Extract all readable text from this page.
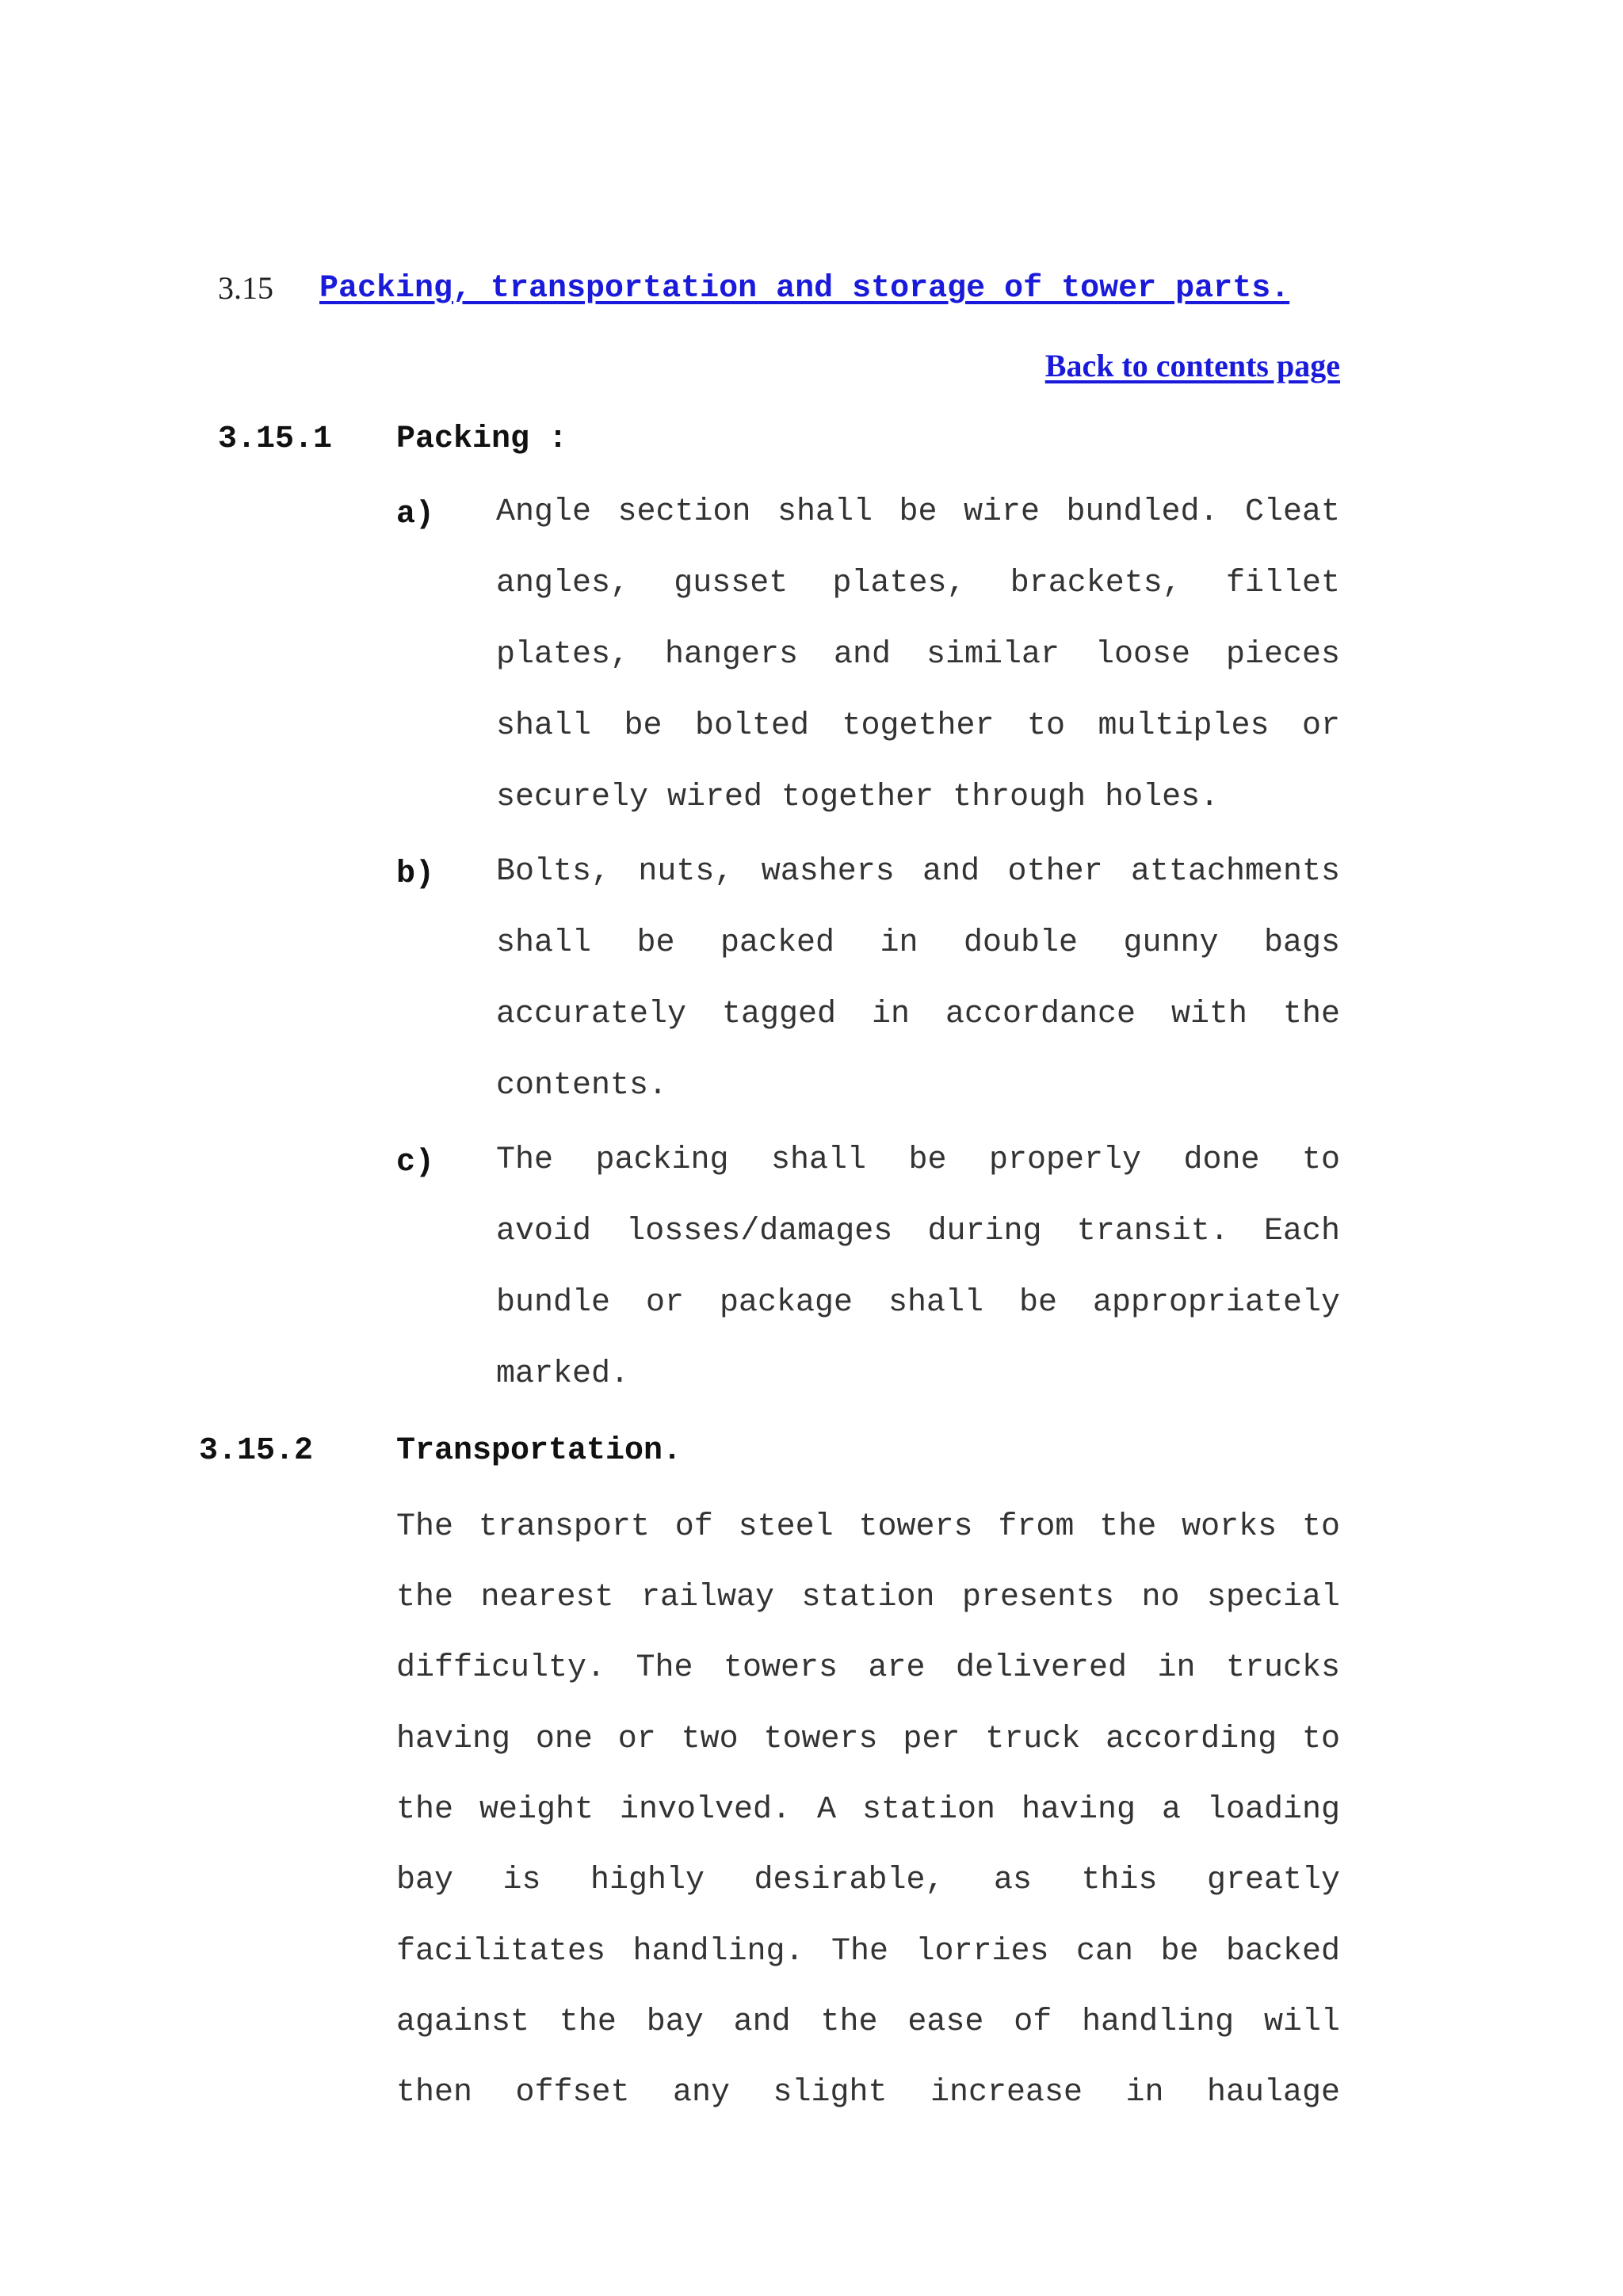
3.15 Packing, transportation and storage of tower parts.
Back to contents page
3.15.1 Packing :
a) Angle section shall be wire bundled. Cleat
angles, gusset plates, brackets, fillet
plates, hangers and similar loose pieces
shall be bolted together to multiples or
securely wired together through holes.
b) Bolts, nuts, washers and other attachments
shall be packed in double gunny bags
accurately tagged in accordance with the
contents.
c) The packing shall be properly done to
avoid losses/damages during transit. Each
bundle or package shall be appropriately
marked.
3.15.2	Transportation.
The transport of steel towers from the works to
the nearest railway station presents no special
difficulty. The towers are delivered in trucks
having one or two towers per truck according to
the weight involved. A station having a loading
bay is highly desirable, as this greatly
facilitates handling. The lorries can be backed
against the bay and the ease of handling will
then offset any slight increase in haulage
